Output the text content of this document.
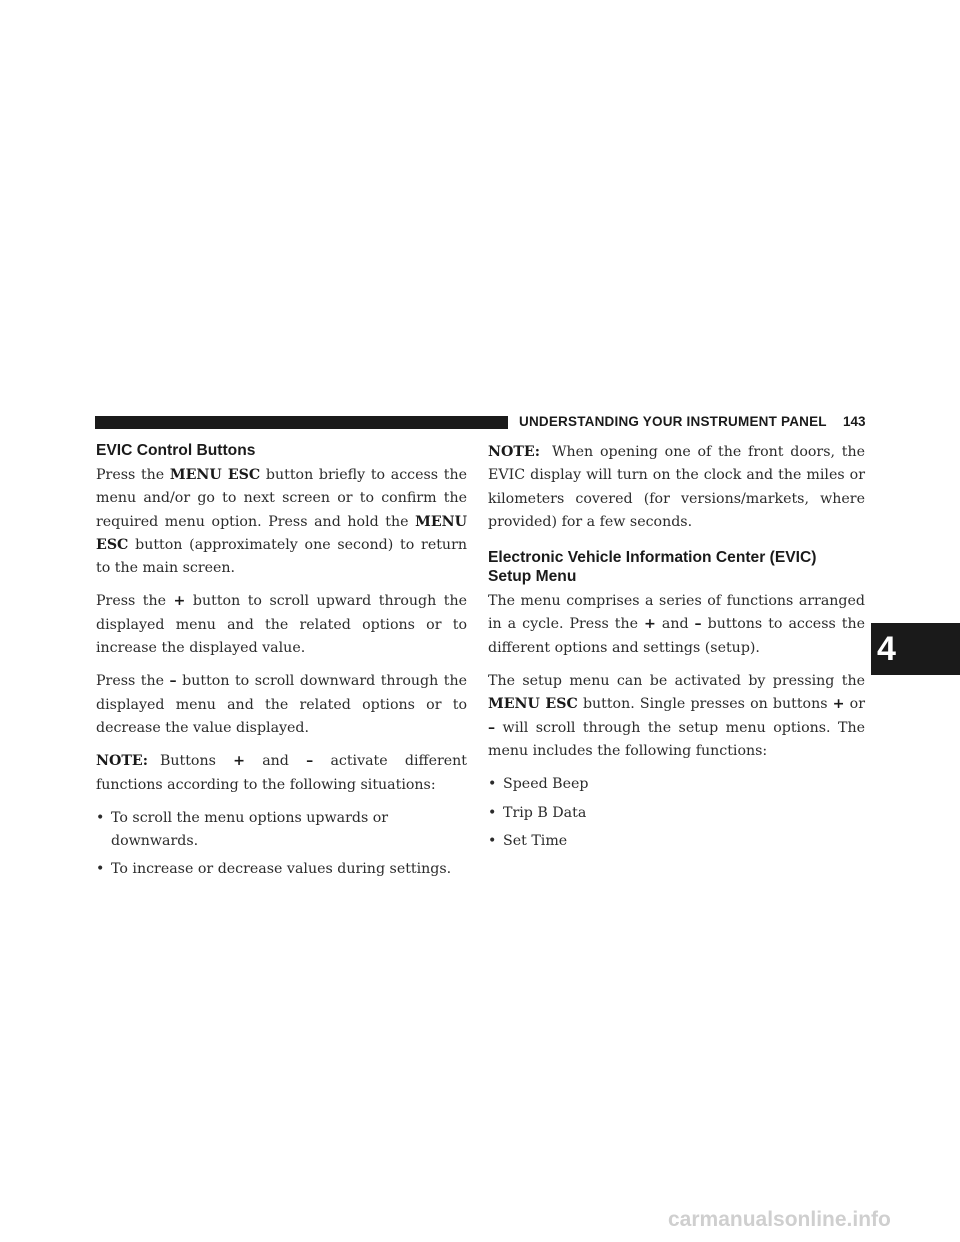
UNDERSTANDING YOUR INSTRUMENT PANEL 143
4
EVIC Control Buttons

Press the MENU ESC button briefly to access the menu and/or go to next screen or to confirm the required menu option. Press and hold the MENU ESC button (approximately one second) to return to the main screen.

Press the + button to scroll upward through the displayed menu and the related options or to increase the displayed value.

Press the – button to scroll downward through the displayed menu and the related options or to decrease the value displayed.

NOTE: Buttons + and – activate different functions according to the following situations:

• To scroll the menu options upwards or downwards.
• To increase or decrease values during settings.

NOTE: When opening one of the front doors, the EVIC display will turn on the clock and the miles or kilometers covered (for versions/markets, where provided) for a few seconds.

Electronic Vehicle Information Center (EVIC)
Setup Menu

The menu comprises a series of functions arranged in a cycle. Press the + and – buttons to access the different options and settings (setup).

The setup menu can be activated by pressing the MENU ESC button. Single presses on buttons + or – will scroll through the setup menu options. The menu includes the following functions:

• Speed Beep
• Trip B Data
• Set Time
carmanualsonline.info
